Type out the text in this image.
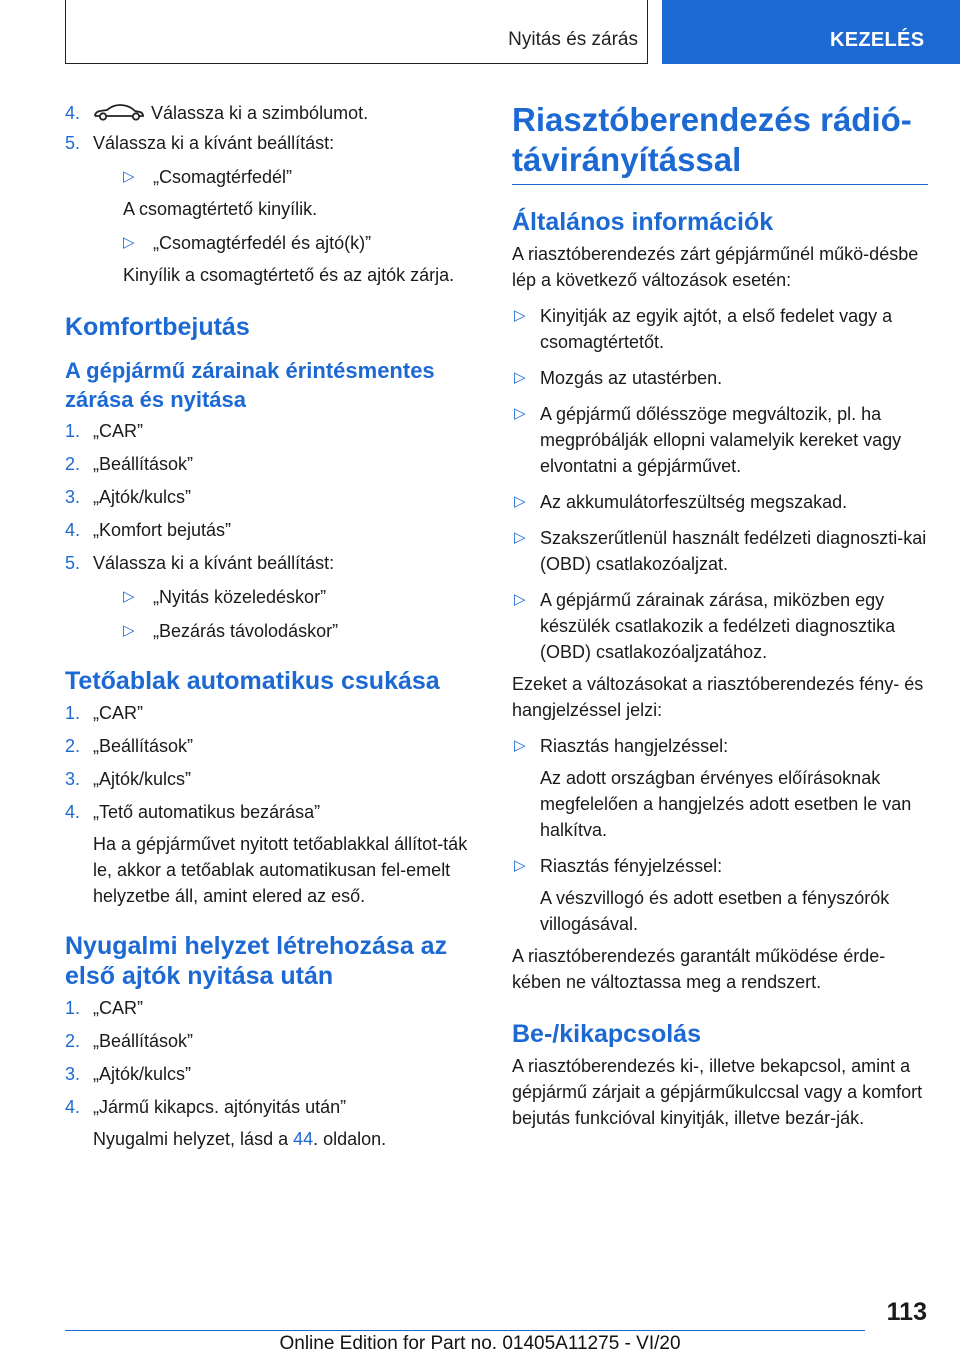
Nyitás és zárás	KEZELÉS
4.	Válassza ki a szimbólumot.
5. Válassza ki a kívánt beállítást:
▷ „Csomagtérfedél”
A csomagtértető kinyílik.
▷ „Csomagtérfedél és ajtó(k)”
Kinyílik a csomagtértető és az ajtók zárja.
Komfortbejutás
A gépjármű zárainak érintésmentes zárása és nyitása
1. „CAR”
2. „Beállítások”
3. „Ajtók/kulcs”
4. „Komfort bejutás”
5. Válassza ki a kívánt beállítást:
▷ „Nyitás közeledéskor”
▷ „Bezárás távolodáskor”
Tetőablak automatikus csukása
1. „CAR”
2. „Beállítások”
3. „Ajtók/kulcs”
4. „Tető automatikus bezárása”
Ha a gépjárművet nyitott tetőablakkal állítot-ták le, akkor a tetőablak automatikusan fel-emelt helyzetbe áll, amint elered az eső.
Nyugalmi helyzet létrehozása az első ajtók nyitása után
1. „CAR”
2. „Beállítások”
3. „Ajtók/kulcs”
4. „Jármű kikapcs. ajtónyitás után”
Nyugalmi helyzet, lásd a 44. oldalon.
Riasztóberendezés rádió-távirányítással
Általános információk
A riasztóberendezés zárt gépjárműnél műkö-désbe lép a következő változások esetén:
▷ Kinyitják az egyik ajtót, a első fedelet vagy a csomagtértetőt.
▷ Mozgás az utastérben.
▷ A gépjármű dőlésszöge megváltozik, pl. ha megpróbálják ellopni valamelyik kereket vagy elvontatni a gépjárművet.
▷ Az akkumulátorfeszültség megszakad.
▷ Szakszerűtlenül használt fedélzeti diagnoszti-kai (OBD) csatlakozóaljzat.
▷ A gépjármű zárainak zárása, miközben egy készülék csatlakozik a fedélzeti diagnosztika (OBD) csatlakozóaljzatához.
Ezeket a változásokat a riasztóberendezés fény- és hangjelzéssel jelzi:
▷ Riasztás hangjelzéssel:
Az adott országban érvényes előírásoknak megfelelően a hangjelzés adott esetben le van halkítva.
▷ Riasztás fényjelzéssel:
A vészvillogó és adott esetben a fényszórók villogásával.
A riasztóberendezés garantált működése érde-kében ne változtassa meg a rendszert.
Be-/kikapcsolás
A riasztóberendezés ki-, illetve bekapcsol, amint a gépjármű zárjait a gépjárműkulccsal vagy a komfort bejutás funkcióval kinyitják, illetve bezár-ják.
113
Online Edition for Part no. 01405A11275 - VI/20
